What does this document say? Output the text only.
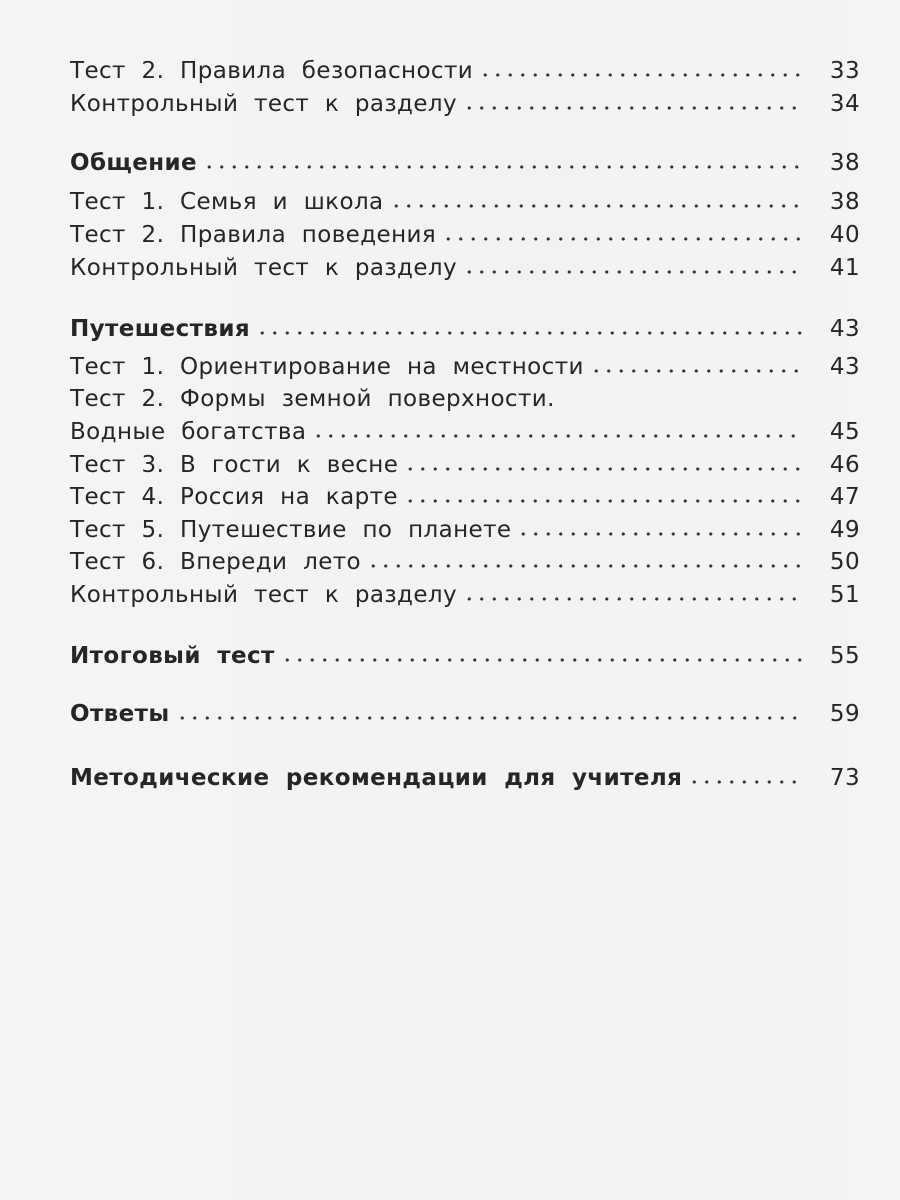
Тест 2. Правила безопасности	33
Контрольный тест к разделу	34
Общение	38
Тест 1. Семья и школа	38
Тест 2. Правила поведения	40
Контрольный тест к разделу	41
Путешествия	43
Тест 1. Ориентирование на местности	43
Тест 2. Формы земной поверхности.
Водные богатства	45
Тест 3. В гости к весне	46
Тест 4. Россия на карте	47
Тест 5. Путешествие по планете	49
Тест 6. Впереди лето	50
Контрольный тест к разделу	51
Итоговый тест	55
Ответы	59
Методические рекомендации для учителя	73
